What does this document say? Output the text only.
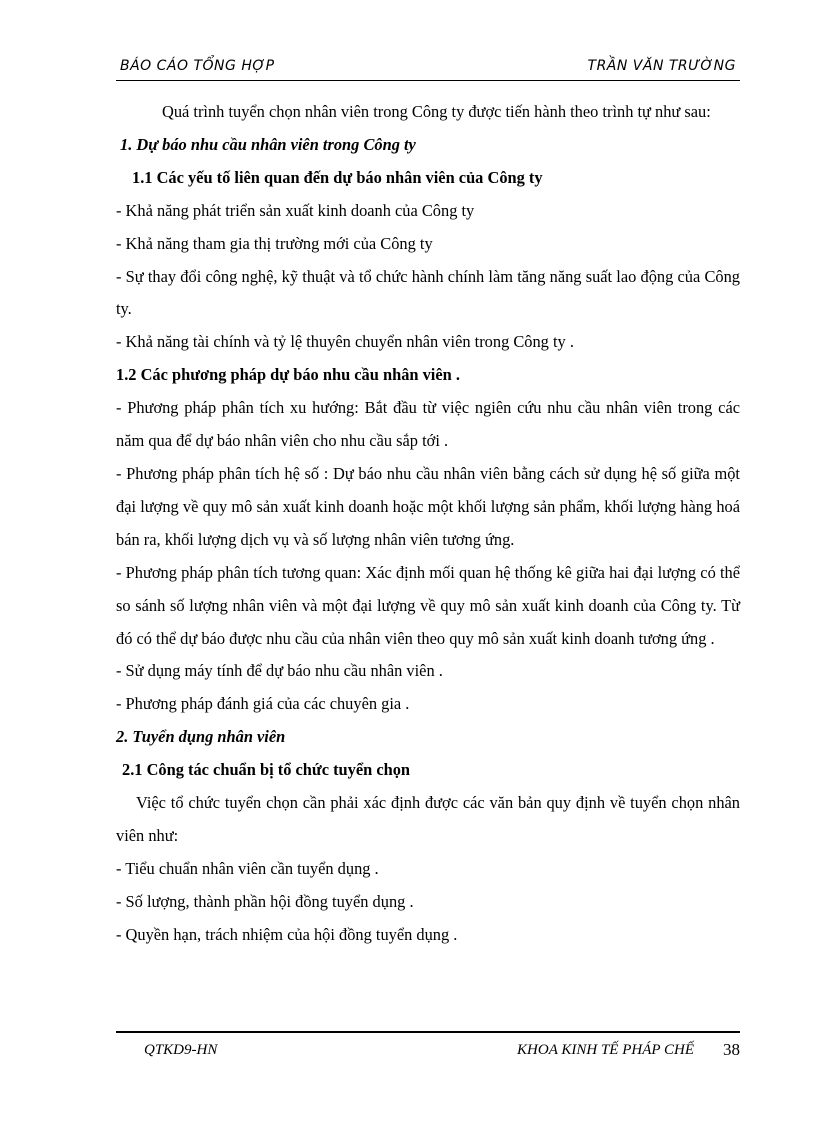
BÁO CÁO TỔNG HỢP	TRẦN VĂN TRƯỜNG

Quá trình tuyển chọn nhân viên trong Công ty được tiến hành theo trình tự như sau:

1. Dự báo nhu cầu nhân viên trong Công ty

1.1 Các yếu tố liên quan đến dự báo nhân viên của Công ty

- Khả năng phát triển sản xuất kinh doanh của Công ty

- Khả năng tham gia thị trường mới của Công ty

- Sự thay đổi công nghệ, kỹ thuật và tổ chức hành chính làm tăng năng suất lao động của Công ty.

- Khả năng tài chính và tỷ lệ thuyên chuyển nhân viên trong Công ty .

1.2 Các phương pháp dự báo nhu cầu nhân viên .

- Phương pháp phân tích xu hướng: Bắt đầu từ việc ngiên cứu nhu cầu nhân viên trong các năm qua để dự báo nhân viên cho nhu cầu sắp tới .

- Phương pháp phân tích hệ số : Dự báo nhu cầu nhân viên bằng cách sử dụng hệ số giữa một đại lượng về quy mô sản xuất kinh doanh hoặc một khối lượng sản phẩm, khối lượng hàng hoá bán ra, khối lượng dịch vụ và số lượng nhân viên tương ứng.

- Phương pháp phân tích tương quan: Xác định mối quan hệ thống kê giữa hai đại lượng có thể so sánh số lượng nhân viên và một đại lượng về quy mô sản xuất kinh doanh của Công ty. Từ đó có thể dự báo được nhu cầu của nhân viên theo quy mô sản xuất kinh doanh tương ứng .

- Sử dụng máy tính để dự báo nhu cầu nhân viên .

- Phương pháp đánh giá của các chuyên gia .

2. Tuyển dụng nhân viên

2.1 Công tác chuẩn bị tổ chức tuyển chọn

Việc tổ chức tuyển chọn cần phải xác định được các văn bản quy định về tuyển chọn nhân viên như:

- Tiểu chuẩn nhân viên cần tuyển dụng .

- Số lượng, thành phần hội đồng tuyển dụng .

- Quyền hạn, trách nhiệm của hội đồng tuyển dụng .

QTKD9-HN	KHOA KINH TẾ PHÁP CHẾ 38
